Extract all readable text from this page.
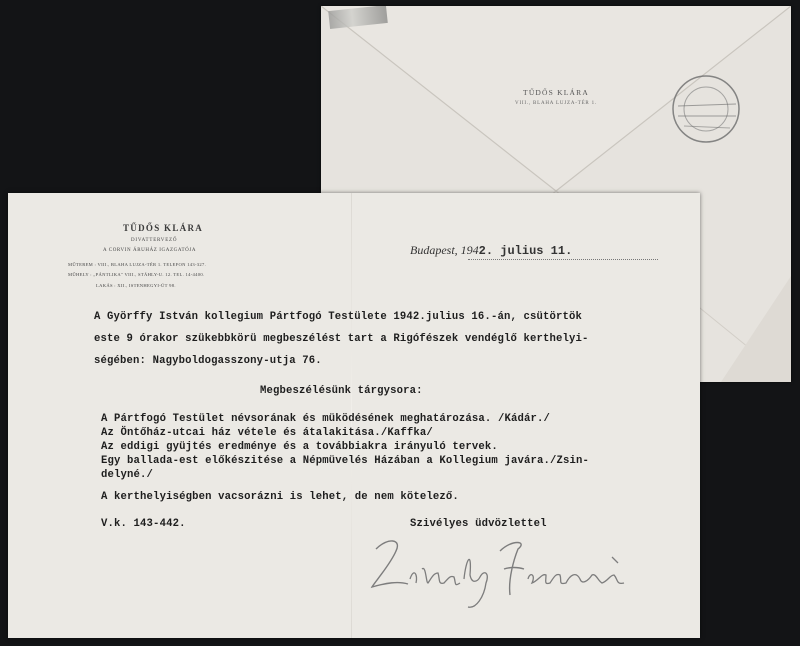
TŰDŐS KLÁRA
VIII., BLAHA LUJZA-TÉR 1.
TŰDŐS KLÁRA
DIVATTERVEZŐ
A CORVIN ÁRUHÁZ IGAZGATÓJA
MŰTEREM : VIII., BLAHA LUJZA-TÉR 1. TELEFON 143-327.
MŰHELY : „PÁNTLIKA" VIII., STÁHLY-U. 12. TEL. 14-4400.
LAKÁS : XII., ISTENHEGYI-ÚT 98.
Budapest, 1942. julius 11.
A Györffy István kollegium Pártfogó Testülete 1942.julius 16.-án, csütörtök
este 9 órakor szükebbkörü megbeszélést tart a Rigófészek vendéglő kerthelyi-
ségében: Nagyboldogasszony-utja 76.
Megbeszélésünk tárgysora:
A Pártfogó Testület névsorának és müködésének meghatározása. /Kádár./
Az Öntőház-utcai ház vétele és átalakitása./Kaffka/
Az eddigi gyüjtés eredménye és a továbbiakra irányuló tervek.
Egy ballada-est előkészitése a Népmüvelés Házában a Kollegium javára./Zsin-
delyné./
A kerthelyiségben vacsorázni is lehet, de nem kötelező.
V.k. 143-442.	Szivélyes üdvözlettel
